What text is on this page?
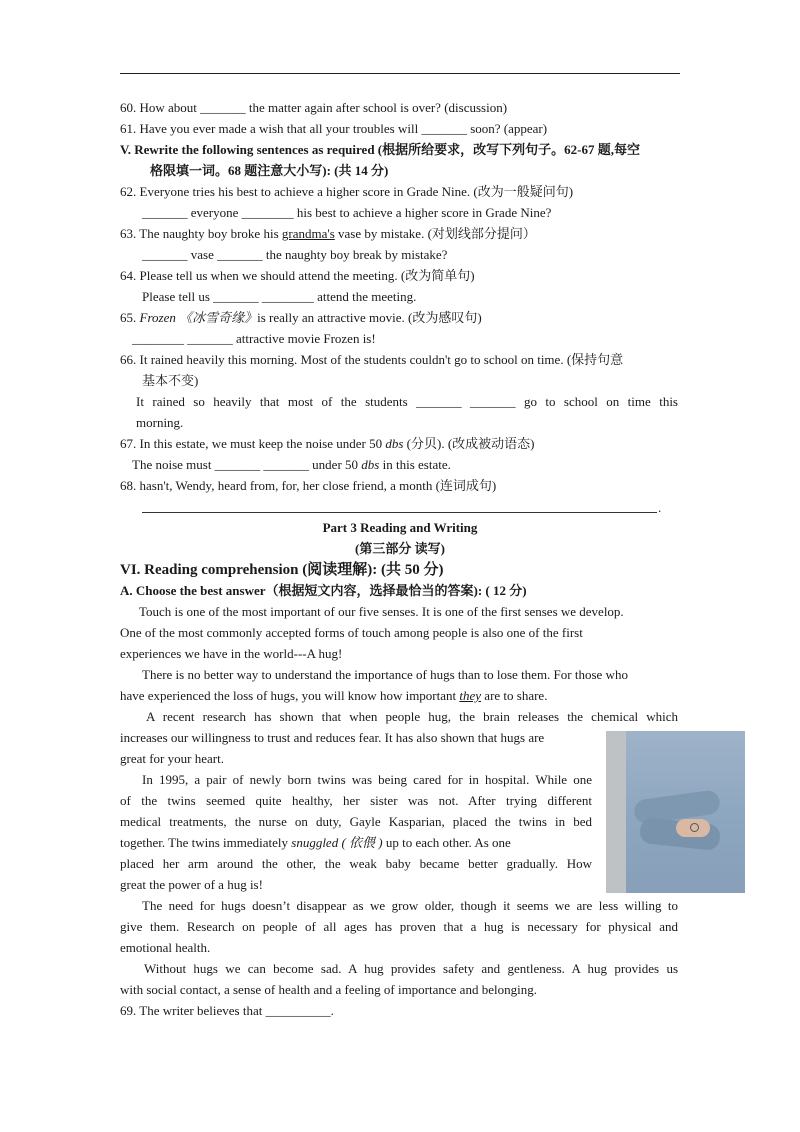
60. How about _______ the matter again after school is over? (discussion)
61. Have you ever made a wish that all your troubles will _______ soon? (appear)
V. Rewrite the following sentences as required (根据所给要求，改写下列句子。62-67 题,每空
格限填一词。68 题注意大小写): (共 14 分)
62. Everyone tries his best to achieve a higher score in Grade Nine. (改为一般疑问句)
_______ everyone ________ his best to achieve a higher score in Grade Nine?
63. The naughty boy broke his grandma's vase by mistake. (对划线部分提问）
_______ vase _______ the naughty boy break by mistake?
64. Please tell us when we should attend the meeting. (改为简单句)
Please tell us _______ ________ attend the meeting.
65. Frozen 《冰雪奇缘》is really an attractive movie. (改为感叹句)
________ _______ attractive movie Frozen is!
66. It rained heavily this morning. Most of the students couldn't go to school on time. (保持句意
基本不变)
It rained so heavily that most of the students _______ _______ go to school on time this
morning.
67. In this estate, we must keep the noise under 50 dbs (分贝). (改成被动语态)
The noise must _______ _______ under 50 dbs in this estate.
68. hasn't, Wendy, heard from, for, her close friend, a month (连词成句)
.
Part 3 Reading and Writing
(第三部分 读写)
VI. Reading comprehension (阅读理解): (共 50 分)
A. Choose the best answer（根据短文内容，选择最恰当的答案): ( 12 分)
Touch is one of the most important of our five senses. It is one of the first senses we develop.
One of the most commonly accepted forms of touch among people is also one of the first
experiences we have in the world---A hug!
There is no better way to understand the importance of hugs than to lose them. For those who
have experienced the loss of hugs, you will know how important they are to share.
A recent research has shown that when people hug, the brain releases the chemical which
increases our willingness to trust and reduces fear. It has also shown that hugs are
great for your heart.
In 1995, a pair of newly born twins was being cared for in hospital. While one
of the twins seemed quite healthy, her sister was not. After trying different
medical treatments, the nurse on duty, Gayle Kasparian, placed the twins in bed
together. The twins immediately snuggled ( 依偎 ) up to each other. As one
placed her arm around the other, the weak baby became better gradually. How
great the power of a hug is!
The need for hugs doesn’t disappear as we grow older, though it seems we are less willing to
give them. Research on people of all ages has proven that a hug is necessary for physical and
emotional health.
Without hugs we can become sad. A hug provides safety and gentleness. A hug provides us
with social contact, a sense of health and a feeling of importance and belonging.
69. The writer believes that __________.
